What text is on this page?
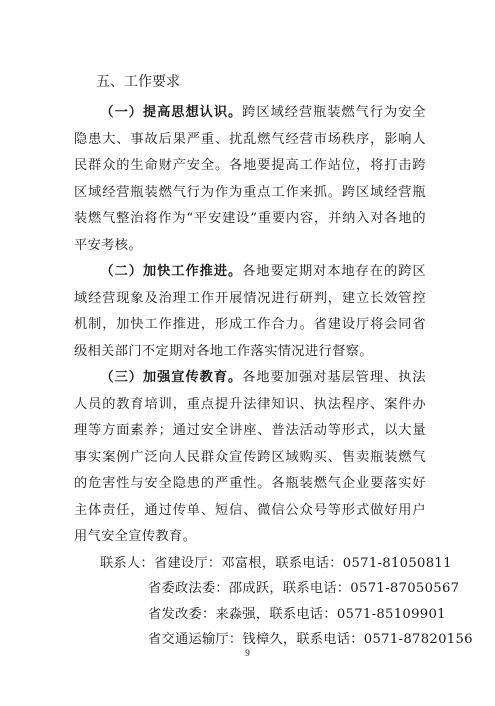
五、工作要求

（一）提高思想认识。跨区域经营瓶装燃气行为安全隐患大、事故后果严重、扰乱燃气经营市场秩序，影响人民群众的生命财产安全。各地要提高工作站位，将打击跨区域经营瓶装燃气行为作为重点工作来抓。跨区域经营瓶装燃气整治将作为“平安建设”重要内容，并纳入对各地的平安考核。

（二）加快工作推进。各地要定期对本地存在的跨区域经营现象及治理工作开展情况进行研判，建立长效管控机制，加快工作推进，形成工作合力。省建设厅将会同省级相关部门不定期对各地工作落实情况进行督察。

（三）加强宣传教育。各地要加强对基层管理、执法人员的教育培训，重点提升法律知识、执法程序、案件办理等方面素养；通过安全讲座、普法活动等形式，以大量事实案例广泛向人民群众宣传跨区域购买、售卖瓶装燃气的危害性与安全隐患的严重性。各瓶装燃气企业要落实好主体责任，通过传单、短信、微信公众号等形式做好用户用气安全宣传教育。

联系人：省建设厅：邓富根，联系电话：0571-81050811
省委政法委：邵成跃，联系电话：0571-87050567
省发改委：来淼强，联系电话：0571-85109901
省交通运输厅：钱樟久，联系电话：0571-87820156
9
